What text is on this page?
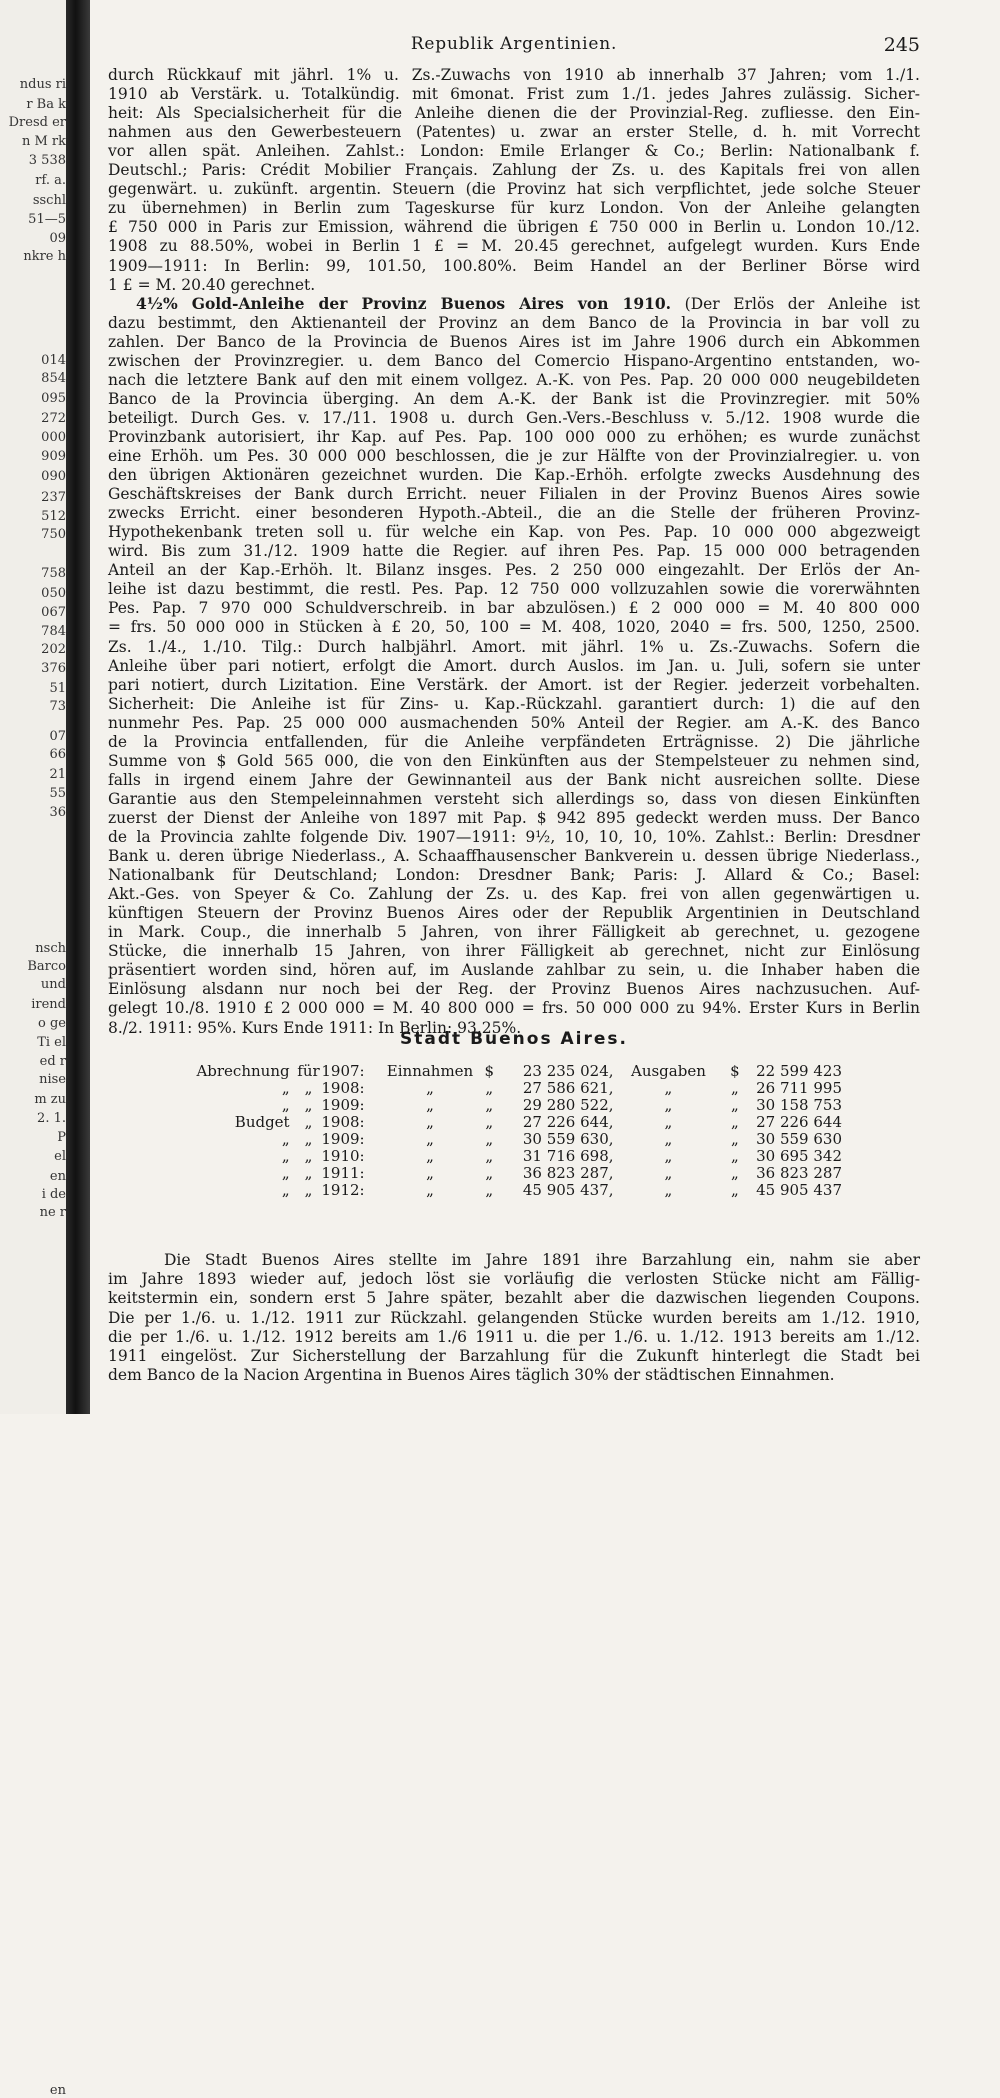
ndus ri
r Ba k
Dresd er
n M rk
3 538
rf. a.
sschl
51—5
09
nkre h
014
854
095
272
000
909
090
237
512
750
758
050
067
784
202
376
51
73
07
66
21
55
36
nsch
Barco
und
irend
o ge
Ti el
ed r
nise
m zu
2. 1.
P
el
en
i de
ne r
en
Republik Argentinien.	245
durch Rückkauf mit jährl. 1% u. Zs.-Zuwachs von 1910 ab innerhalb 37 Jahren; vom 1./1.
1910 ab Verstärk. u. Totalkündig. mit 6monat. Frist zum 1./1. jedes Jahres zulässig. Sicher-
heit: Als Specialsicherheit für die Anleihe dienen die der Provinzial-Reg. zufliesse. den Ein-
nahmen aus den Gewerbesteuern (Patentes) u. zwar an erster Stelle, d. h. mit Vorrecht
vor allen spät. Anleihen. Zahlst.: London: Emile Erlanger & Co.; Berlin: Nationalbank f.
Deutschl.; Paris: Crédit Mobilier Français. Zahlung der Zs. u. des Kapitals frei von allen
gegenwärt. u. zukünft. argentin. Steuern (die Provinz hat sich verpflichtet, jede solche Steuer
zu übernehmen) in Berlin zum Tageskurse für kurz London. Von der Anleihe gelangten
£ 750 000 in Paris zur Emission, während die übrigen £ 750 000 in Berlin u. London 10./12.
1908 zu 88.50%, wobei in Berlin 1 £ = M. 20.45 gerechnet, aufgelegt wurden. Kurs Ende
1909—1911: In Berlin: 99, 101.50, 100.80%. Beim Handel an der Berliner Börse wird
1 £ = M. 20.40 gerechnet.
4½% Gold-Anleihe der Provinz Buenos Aires von 1910. (Der Erlös der Anleihe ist
dazu bestimmt, den Aktienanteil der Provinz an dem Banco de la Provincia in bar voll zu
zahlen. Der Banco de la Provincia de Buenos Aires ist im Jahre 1906 durch ein Abkommen
zwischen der Provinzregier. u. dem Banco del Comercio Hispano-Argentino entstanden, wo-
nach die letztere Bank auf den mit einem vollgez. A.-K. von Pes. Pap. 20 000 000 neugebildeten
Banco de la Provincia überging. An dem A.-K. der Bank ist die Provinzregier. mit 50%
beteiligt. Durch Ges. v. 17./11. 1908 u. durch Gen.-Vers.-Beschluss v. 5./12. 1908 wurde die
Provinzbank autorisiert, ihr Kap. auf Pes. Pap. 100 000 000 zu erhöhen; es wurde zunächst
eine Erhöh. um Pes. 30 000 000 beschlossen, die je zur Hälfte von der Provinzialregier. u. von
den übrigen Aktionären gezeichnet wurden. Die Kap.-Erhöh. erfolgte zwecks Ausdehnung des
Geschäftskreises der Bank durch Erricht. neuer Filialen in der Provinz Buenos Aires sowie
zwecks Erricht. einer besonderen Hypoth.-Abteil., die an die Stelle der früheren Provinz-
Hypothekenbank treten soll u. für welche ein Kap. von Pes. Pap. 10 000 000 abgezweigt
wird. Bis zum 31./12. 1909 hatte die Regier. auf ihren Pes. Pap. 15 000 000 betragenden
Anteil an der Kap.-Erhöh. lt. Bilanz insges. Pes. 2 250 000 eingezahlt. Der Erlös der An-
leihe ist dazu bestimmt, die restl. Pes. Pap. 12 750 000 vollzuzahlen sowie die vorerwähnten
Pes. Pap. 7 970 000 Schuldverschreib. in bar abzulösen.) £ 2 000 000 = M. 40 800 000
= frs. 50 000 000 in Stücken à £ 20, 50, 100 = M. 408, 1020, 2040 = frs. 500, 1250, 2500.
Zs. 1./4., 1./10. Tilg.: Durch halbjährl. Amort. mit jährl. 1% u. Zs.-Zuwachs. Sofern die
Anleihe über pari notiert, erfolgt die Amort. durch Auslos. im Jan. u. Juli, sofern sie unter
pari notiert, durch Lizitation. Eine Verstärk. der Amort. ist der Regier. jederzeit vorbehalten.
Sicherheit: Die Anleihe ist für Zins- u. Kap.-Rückzahl. garantiert durch: 1) die auf den
nunmehr Pes. Pap. 25 000 000 ausmachenden 50% Anteil der Regier. am A.-K. des Banco
de la Provincia entfallenden, für die Anleihe verpfändeten Erträgnisse. 2) Die jährliche
Summe von $ Gold 565 000, die von den Einkünften aus der Stempelsteuer zu nehmen sind,
falls in irgend einem Jahre der Gewinnanteil aus der Bank nicht ausreichen sollte. Diese
Garantie aus den Stempeleinnahmen versteht sich allerdings so, dass von diesen Einkünften
zuerst der Dienst der Anleihe von 1897 mit Pap. $ 942 895 gedeckt werden muss. Der Banco
de la Provincia zahlte folgende Div. 1907—1911: 9½, 10, 10, 10, 10%. Zahlst.: Berlin: Dresdner
Bank u. deren übrige Niederlass., A. Schaaffhausenscher Bankverein u. dessen übrige Niederlass.,
Nationalbank für Deutschland; London: Dresdner Bank; Paris: J. Allard & Co.; Basel:
Akt.-Ges. von Speyer & Co. Zahlung der Zs. u. des Kap. frei von allen gegenwärtigen u.
künftigen Steuern der Provinz Buenos Aires oder der Republik Argentinien in Deutschland
in Mark. Coup., die innerhalb 5 Jahren, von ihrer Fälligkeit ab gerechnet, u. gezogene
Stücke, die innerhalb 15 Jahren, von ihrer Fälligkeit ab gerechnet, nicht zur Einlösung
präsentiert worden sind, hören auf, im Auslande zahlbar zu sein, u. die Inhaber haben die
Einlösung alsdann nur noch bei der Reg. der Provinz Buenos Aires nachzusuchen. Auf-
gelegt 10./8. 1910 £ 2 000 000 = M. 40 800 000 = frs. 50 000 000 zu 94%. Erster Kurs in Berlin
8./2. 1911: 95%. Kurs Ende 1911: In Berlin: 93.25%.
Stadt Buenos Aires.
Abrechnung	für	1907:	Einnahmen	$	23 235 024,	Ausgaben	$	22 599 423
„	„	1908:	„	„	27 586 621,	„	„	26 711 995
„	„	1909:	„	„	29 280 522,	„	„	30 158 753
Budget	„	1908:	„	„	27 226 644,	„	„	27 226 644
„	„	1909:	„	„	30 559 630,	„	„	30 559 630
„	„	1910:	„	„	31 716 698,	„	„	30 695 342
„	„	1911:	„	„	36 823 287,	„	„	36 823 287
„	„	1912:	„	„	45 905 437,	„	„	45 905 437
Die Stadt Buenos Aires stellte im Jahre 1891 ihre Barzahlung ein, nahm sie aber
im Jahre 1893 wieder auf, jedoch löst sie vorläufig die verlosten Stücke nicht am Fällig-
keitstermin ein, sondern erst 5 Jahre später, bezahlt aber die dazwischen liegenden Coupons.
Die per 1./6. u. 1./12. 1911 zur Rückzahl. gelangenden Stücke wurden bereits am 1./12. 1910,
die per 1./6. u. 1./12. 1912 bereits am 1./6 1911 u. die per 1./6. u. 1./12. 1913 bereits am 1./12.
1911 eingelöst. Zur Sicherstellung der Barzahlung für die Zukunft hinterlegt die Stadt bei
dem Banco de la Nacion Argentina in Buenos Aires täglich 30% der städtischen Einnahmen.
